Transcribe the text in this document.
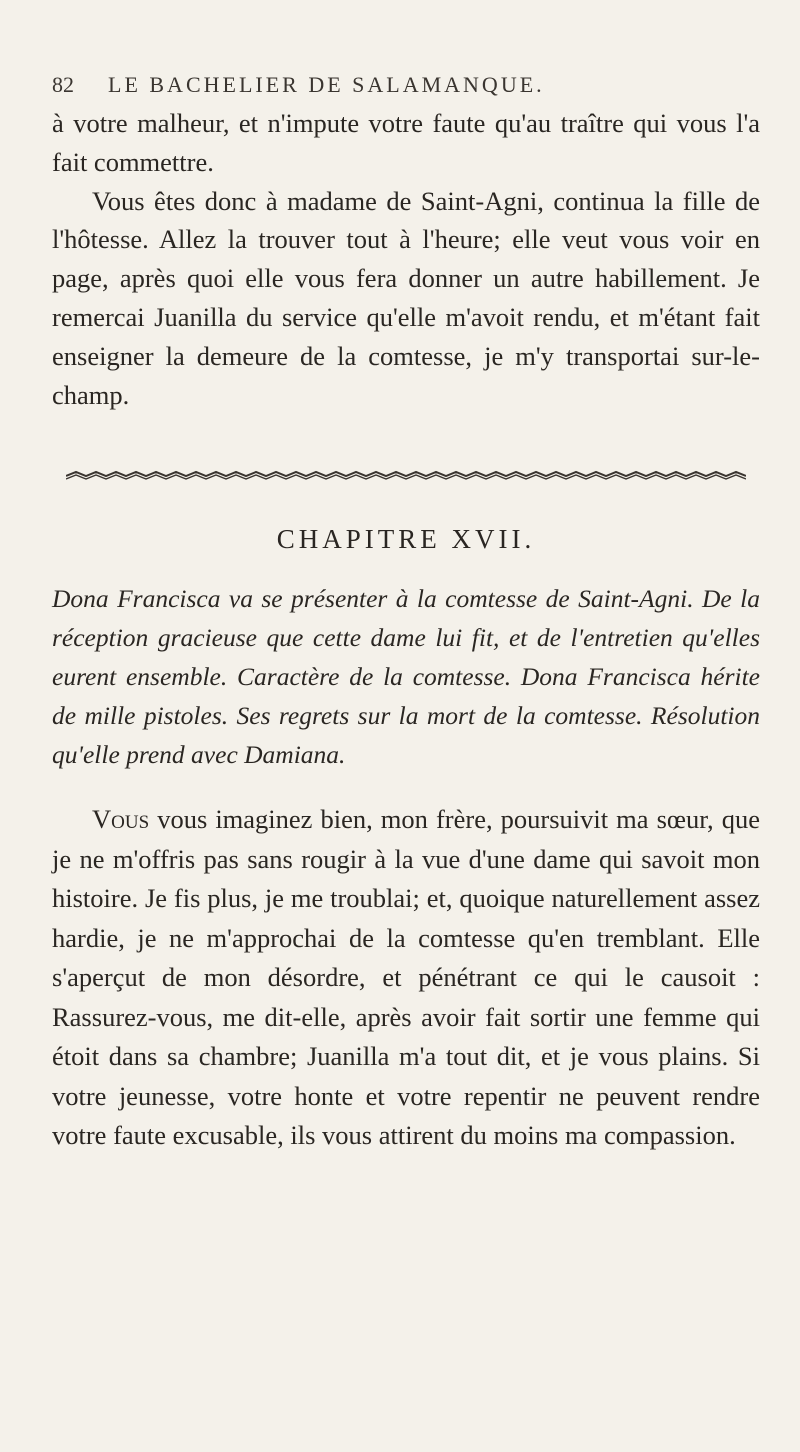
82 LE BACHELIER DE SALAMANQUE.

à votre malheur, et n'impute votre faute qu'au traître qui vous l'a fait commettre.

Vous êtes donc à madame de Saint-Agni, continua la fille de l'hôtesse. Allez la trouver tout à l'heure; elle veut vous voir en page, après quoi elle vous fera donner un autre habillement. Je remercai Juanilla du service qu'elle m'avoit rendu, et m'étant fait enseigner la demeure de la comtesse, je m'y transportai sur-le-champ.

CHAPITRE XVII.

Dona Francisca va se présenter à la comtesse de Saint-Agni. De la réception gracieuse que cette dame lui fit, et de l'entretien qu'elles eurent ensemble. Caractère de la comtesse. Dona Francisca hérite de mille pistoles. Ses regrets sur la mort de la comtesse. Résolution qu'elle prend avec Damiana.

Vous vous imaginez bien, mon frère, poursuivit ma sœur, que je ne m'offris pas sans rougir à la vue d'une dame qui savoit mon histoire. Je fis plus, je me troublai; et, quoique naturellement assez hardie, je ne m'approchai de la comtesse qu'en tremblant. Elle s'aperçut de mon désordre, et pénétrant ce qui le causoit : Rassurez-vous, me dit-elle, après avoir fait sortir une femme qui étoit dans sa chambre; Juanilla m'a tout dit, et je vous plains. Si votre jeunesse, votre honte et votre repentir ne peuvent rendre votre faute excusable, ils vous attirent du moins ma compassion.
